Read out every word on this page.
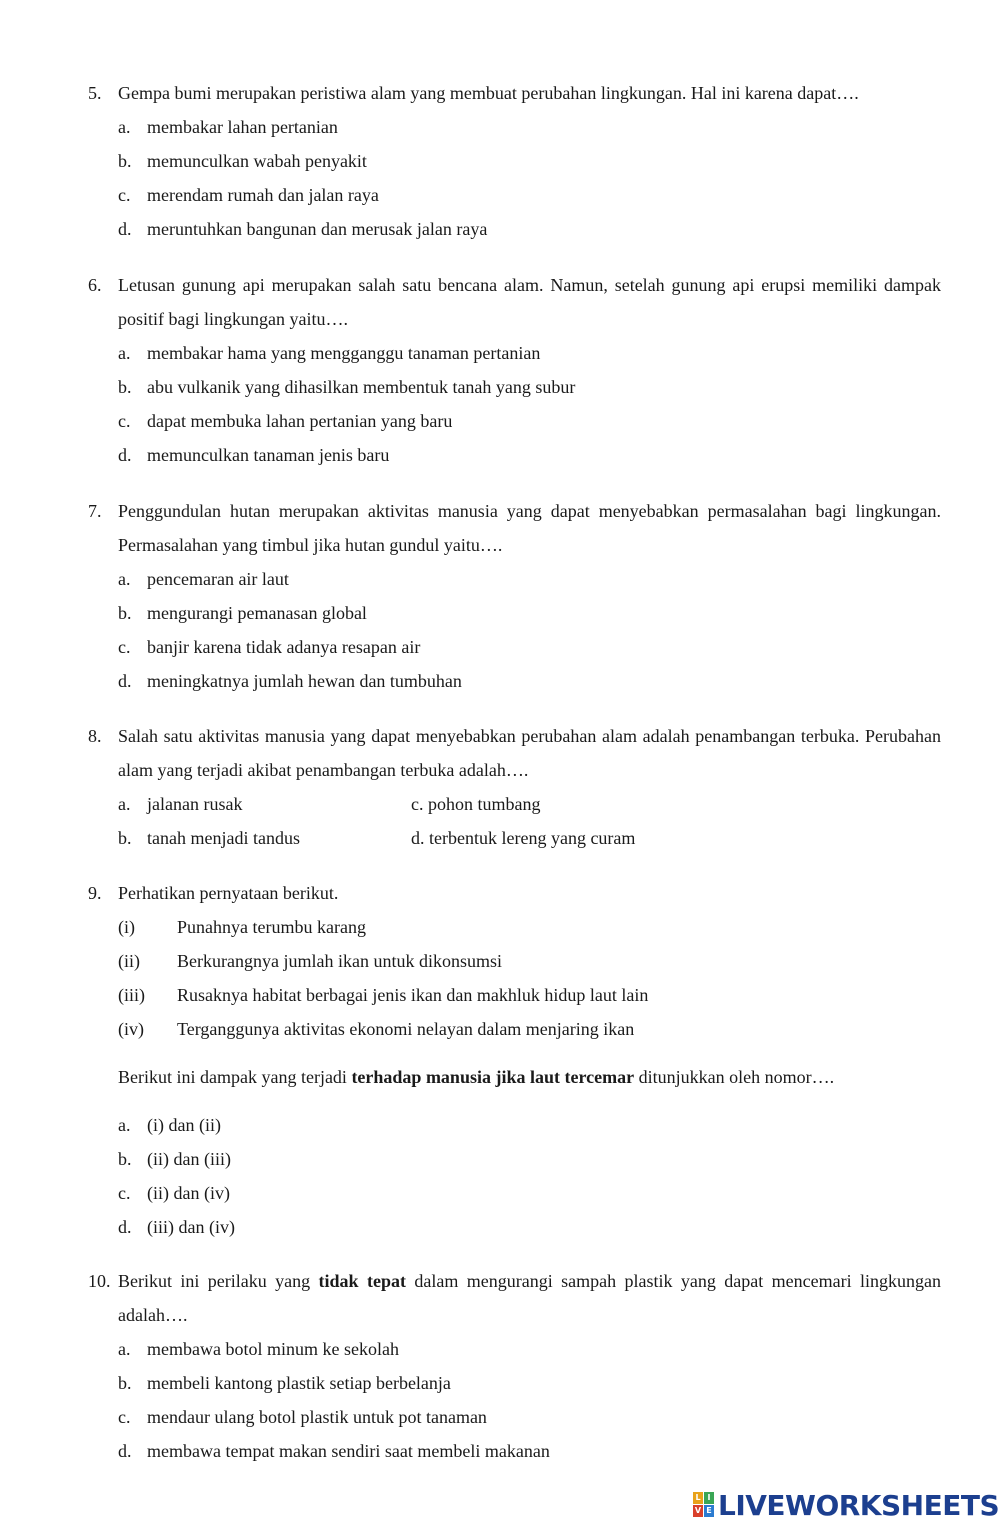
5. Gempa bumi merupakan peristiwa alam yang membuat perubahan lingkungan. Hal ini karena dapat….
a. membakar lahan pertanian
b. memunculkan wabah penyakit
c. merendam rumah dan jalan raya
d. meruntuhkan bangunan dan merusak jalan raya
6. Letusan gunung api merupakan salah satu bencana alam. Namun, setelah gunung api erupsi memiliki dampak positif bagi lingkungan yaitu….
a. membakar hama yang mengganggu tanaman pertanian
b. abu vulkanik yang dihasilkan membentuk tanah yang subur
c. dapat membuka lahan pertanian yang baru
d. memunculkan tanaman jenis baru
7. Penggundulan hutan merupakan aktivitas manusia yang dapat menyebabkan permasalahan bagi lingkungan. Permasalahan yang timbul jika hutan gundul yaitu….
a. pencemaran air laut
b. mengurangi pemanasan global
c. banjir karena tidak adanya resapan air
d. meningkatnya jumlah hewan dan tumbuhan
8. Salah satu aktivitas manusia yang dapat menyebabkan perubahan alam adalah penambangan terbuka. Perubahan alam yang terjadi akibat penambangan terbuka adalah….
a. jalanan rusak	c. pohon tumbang
b. tanah menjadi tandus	d. terbentuk lereng yang curam
9. Perhatikan pernyataan berikut.
(i) Punahnya terumbu karang
(ii) Berkurangnya jumlah ikan untuk dikonsumsi
(iii) Rusaknya habitat berbagai jenis ikan dan makhluk hidup laut lain
(iv) Terganggunya aktivitas ekonomi nelayan dalam menjaring ikan
Berikut ini dampak yang terjadi terhadap manusia jika laut tercemar ditunjukkan oleh nomor….
a. (i) dan (ii)
b. (ii) dan (iii)
c. (ii) dan (iv)
d. (iii) dan (iv)
10. Berikut ini perilaku yang tidak tepat dalam mengurangi sampah plastik yang dapat mencemari lingkungan adalah….
a. membawa botol minum ke sekolah
b. membeli kantong plastik setiap berbelanja
c. mendaur ulang botol plastik untuk pot tanaman
d. membawa tempat makan sendiri saat membeli makanan
L I
V E LIVEWORKSHEETS
